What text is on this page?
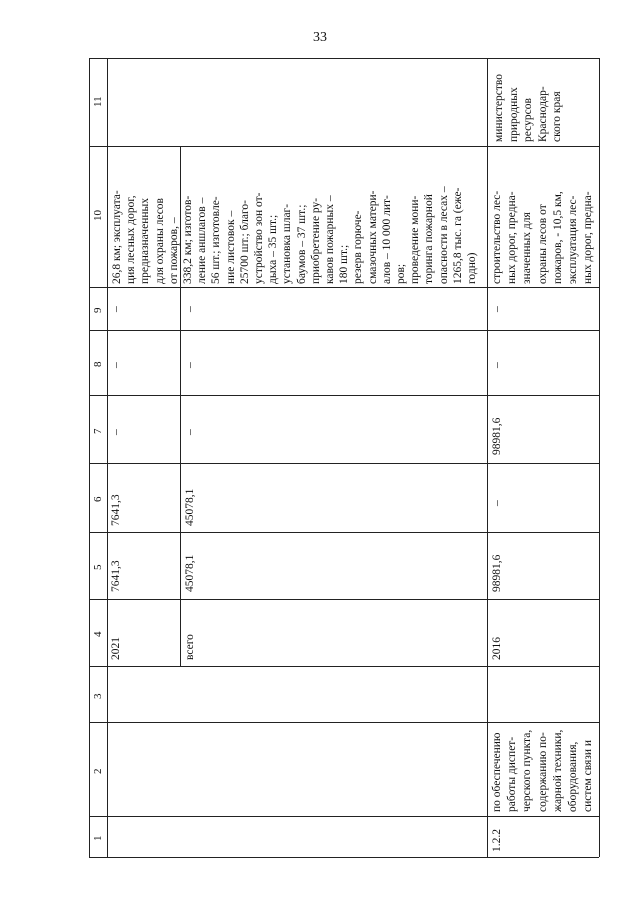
33
1
2
3
4
5
6
7
8
9
10
11
2021
7641,3
7641,3
–
–
–
26,8 км; эксплуата- ция лесных дорог, предназначенных для охраны лесов от пожаров, – 338,2 км; изготов- ление аншлагов – 56 шт.; изготовле- ние листовок – 25700 шт.; благо- устройство зон от- дыха – 35 шт.; установка шлаг- баумов – 37 шт.; приобретение ру- кавов пожарных – 180 шт.; резерв горюче- смазочных матери- алов – 10 000 лит- ров; проведение мони- торинга пожарной опасности в лесах – 1265,8 тыс. га (еже- годно)
всего
45078,1
45078,1
–
–
–
1.2.2
по обеспечению работы диспет- черского пункта, содержанию по- жарной техники, оборудования, систем связи и
2016
98981,6
–
98981,6
–
–
строительство лес- ных дорог, предна- значенных для охраны лесов от пожаров, - 10,5 км, эксплуатация лес- ных дорог, предна-
министерство природных ресурсов Краснодар- ского края
